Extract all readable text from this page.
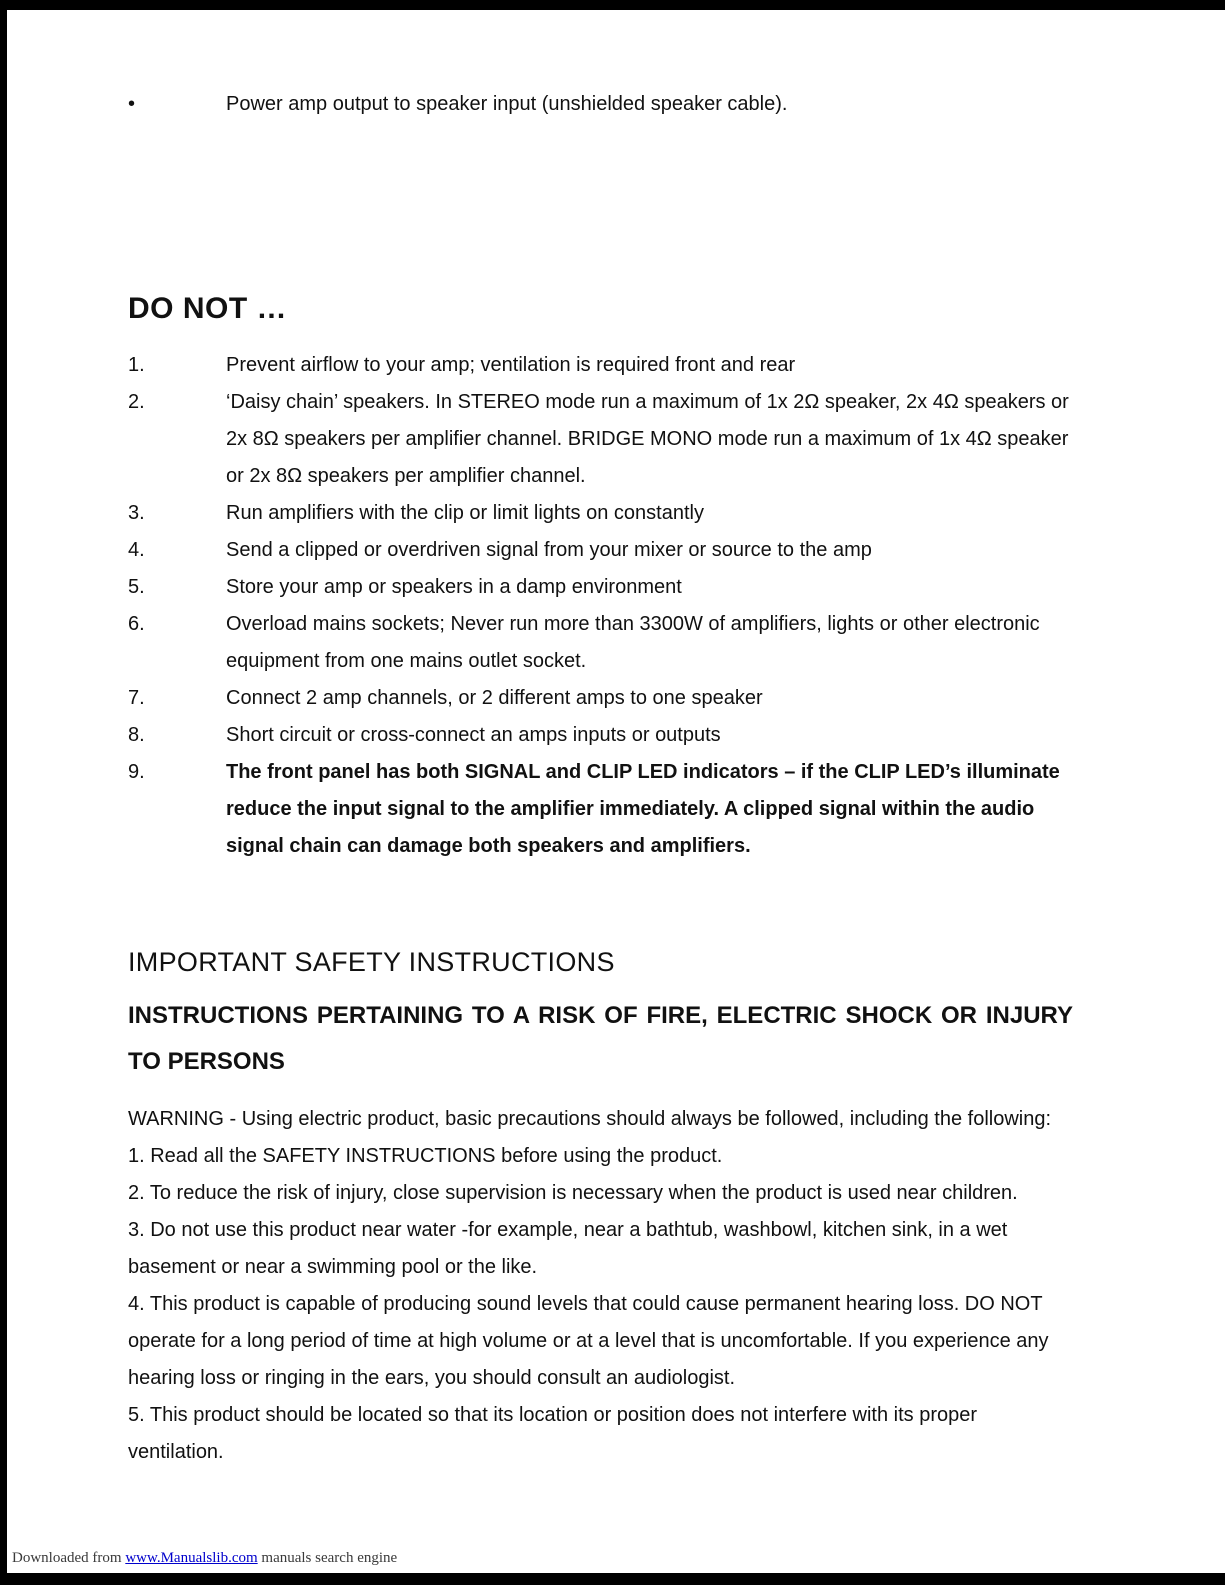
•	Power amp output to speaker input (unshielded speaker cable).
DO NOT …
1.	Prevent airflow to your amp; ventilation is required front and rear
2.	‘Daisy chain’ speakers. In STEREO mode run a maximum of 1x 2Ω speaker, 2x 4Ω speakers or 2x 8Ω speakers per amplifier channel. BRIDGE MONO mode run a maximum of 1x 4Ω speaker or 2x 8Ω speakers per amplifier channel.
3.	Run amplifiers with the clip or limit lights on constantly
4.	Send a clipped or overdriven signal from your mixer or source to the amp
5.	Store your amp or speakers in a damp environment
6.	Overload mains sockets; Never run more than 3300W of amplifiers, lights or other electronic equipment from one mains outlet socket.
7.	Connect 2 amp channels, or 2 different amps to one speaker
8.	Short circuit or cross-connect an amps inputs or outputs
9.	The front panel has both SIGNAL and CLIP LED indicators – if the CLIP LED’s illuminate reduce the input signal to the amplifier immediately. A clipped signal within the audio signal chain can damage both speakers and amplifiers.
IMPORTANT SAFETY INSTRUCTIONS
INSTRUCTIONS PERTAINING TO A RISK OF FIRE, ELECTRIC SHOCK OR INJURY TO PERSONS

WARNING - Using electric product, basic precautions should always be followed, including the following:

1. Read all the SAFETY INSTRUCTIONS before using the product.

2. To reduce the risk of injury, close supervision is necessary when the product is used near children.

3. Do not use this product near water -for example, near a bathtub, washbowl, kitchen sink, in a wet basement or near a swimming pool or the like.

4. This product is capable of producing sound levels that could cause permanent hearing loss. DO NOT operate for a long period of time at high volume or at a level that is uncomfortable. If you experience any hearing loss or ringing in the ears, you should consult an audiologist.

5. This product should be located so that its location or position does not interfere with its proper ventilation.

Downloaded from www.Manualslib.com manuals search engine
